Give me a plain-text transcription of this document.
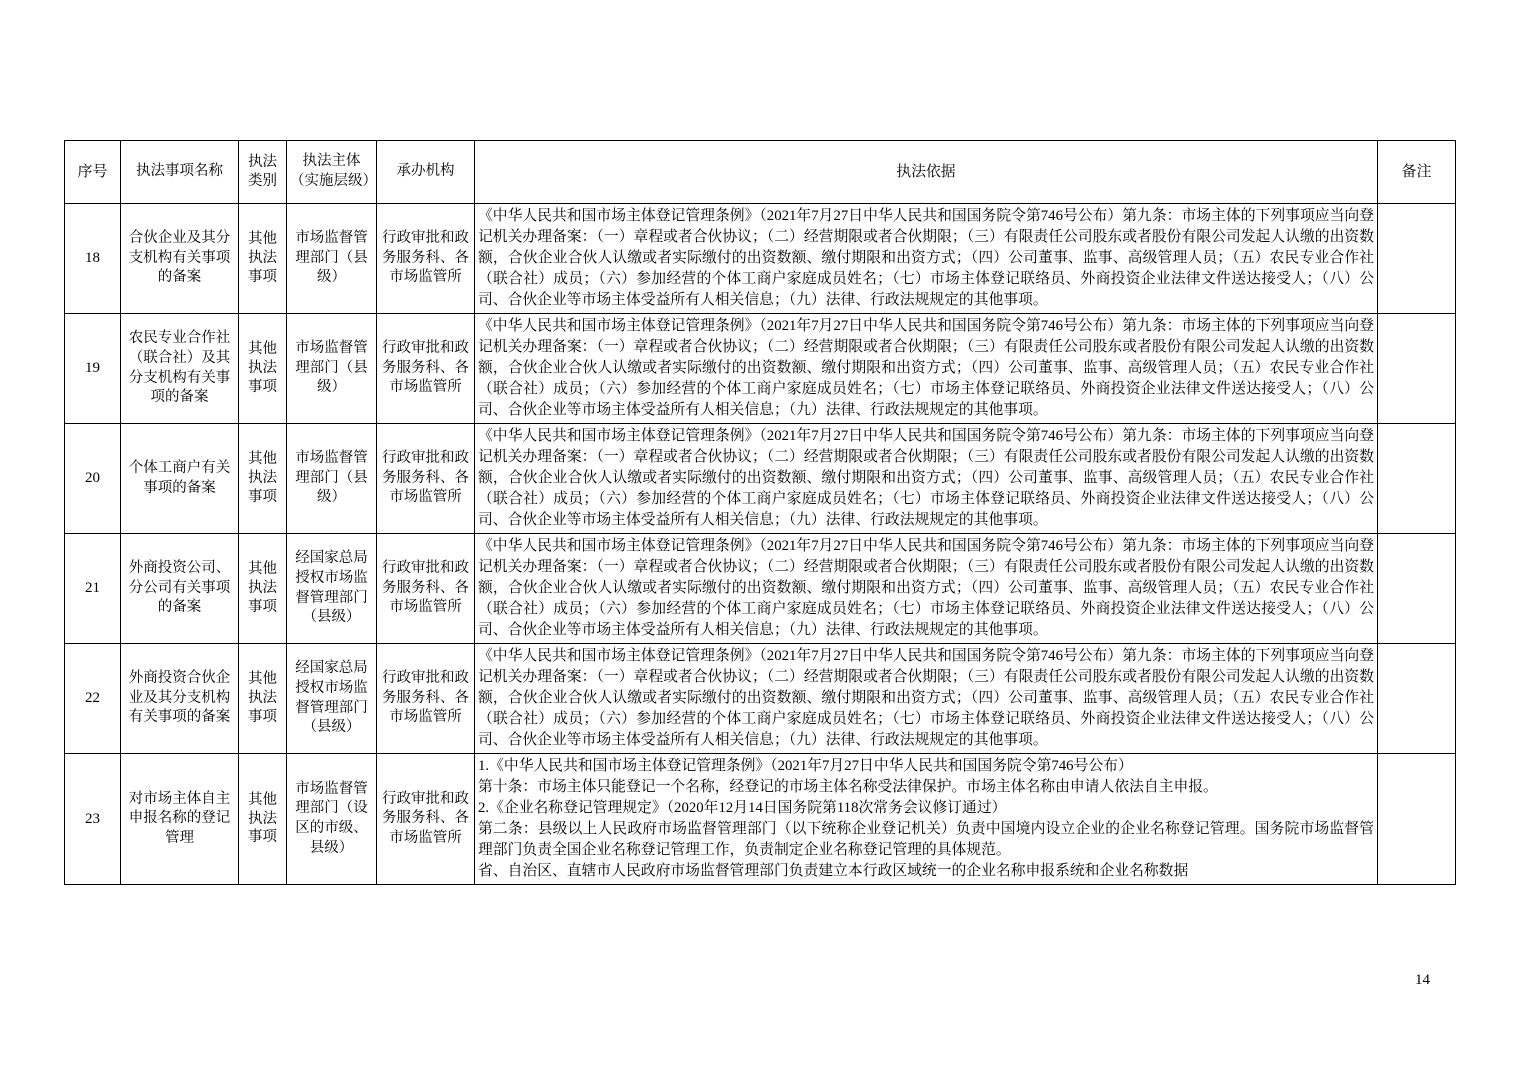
序号	执法事项名称	执法类别	执法主体（实施层级）	承办机构	执法依据	备注
18	合伙企业及其分支机构有关事项的备案	其他执法事项	市场监督管理部门（县级）	行政审批和政务服务科、各市场监管所	《中华人民共和国市场主体登记管理条例》（2021年7月27日中华人民共和国国务院令第746号公布）第九条：市场主体的下列事项应当向登记机关办理备案：（一）章程或者合伙协议；（二）经营期限或者合伙期限；（三）有限责任公司股东或者股份有限公司发起人认缴的出资数额，合伙企业合伙人认缴或者实际缴付的出资数额、缴付期限和出资方式；（四）公司董事、监事、高级管理人员；（五）农民专业合作社（联合社）成员；（六）参加经营的个体工商户家庭成员姓名；（七）市场主体登记联络员、外商投资企业法律文件送达接受人；（八）公司、合伙企业等市场主体受益所有人相关信息；（九）法律、行政法规规定的其他事项。	

19	农民专业合作社（联合社）及其分支机构有关事项的备案	其他执法事项	市场监督管理部门（县级）	行政审批和政务服务科、各市场监管所	《中华人民共和国市场主体登记管理条例》（2021年7月27日中华人民共和国国务院令第746号公布）第九条：市场主体的下列事项应当向登记机关办理备案：（一）章程或者合伙协议；（二）经营期限或者合伙期限；（三）有限责任公司股东或者股份有限公司发起人认缴的出资数额，合伙企业合伙人认缴或者实际缴付的出资数额、缴付期限和出资方式；（四）公司董事、监事、高级管理人员；（五）农民专业合作社（联合社）成员；（六）参加经营的个体工商户家庭成员姓名；（七）市场主体登记联络员、外商投资企业法律文件送达接受人；（八）公司、合伙企业等市场主体受益所有人相关信息；（九）法律、行政法规规定的其他事项。	

20	个体工商户有关事项的备案	其他执法事项	市场监督管理部门（县级）	行政审批和政务服务科、各市场监管所	《中华人民共和国市场主体登记管理条例》（2021年7月27日中华人民共和国国务院令第746号公布）第九条：市场主体的下列事项应当向登记机关办理备案：（一）章程或者合伙协议；（二）经营期限或者合伙期限；（三）有限责任公司股东或者股份有限公司发起人认缴的出资数额，合伙企业合伙人认缴或者实际缴付的出资数额、缴付期限和出资方式；（四）公司董事、监事、高级管理人员；（五）农民专业合作社（联合社）成员；（六）参加经营的个体工商户家庭成员姓名；（七）市场主体登记联络员、外商投资企业法律文件送达接受人；（八）公司、合伙企业等市场主体受益所有人相关信息；（九）法律、行政法规规定的其他事项。	

21	外商投资公司、分公司有关事项的备案	其他执法事项	经国家总局授权市场监督管理部门（县级）	行政审批和政务服务科、各市场监管所	《中华人民共和国市场主体登记管理条例》（2021年7月27日中华人民共和国国务院令第746号公布）第九条：市场主体的下列事项应当向登记机关办理备案：（一）章程或者合伙协议；（二）经营期限或者合伙期限；（三）有限责任公司股东或者股份有限公司发起人认缴的出资数额，合伙企业合伙人认缴或者实际缴付的出资数额、缴付期限和出资方式；（四）公司董事、监事、高级管理人员；（五）农民专业合作社（联合社）成员；（六）参加经营的个体工商户家庭成员姓名；（七）市场主体登记联络员、外商投资企业法律文件送达接受人；（八）公司、合伙企业等市场主体受益所有人相关信息；（九）法律、行政法规规定的其他事项。	

22	外商投资合伙企业及其分支机构有关事项的备案	其他执法事项	经国家总局授权市场监督管理部门（县级）	行政审批和政务服务科、各市场监管所	《中华人民共和国市场主体登记管理条例》（2021年7月27日中华人民共和国国务院令第746号公布）第九条：市场主体的下列事项应当向登记机关办理备案：（一）章程或者合伙协议；（二）经营期限或者合伙期限；（三）有限责任公司股东或者股份有限公司发起人认缴的出资数额，合伙企业合伙人认缴或者实际缴付的出资数额、缴付期限和出资方式；（四）公司董事、监事、高级管理人员；（五）农民专业合作社（联合社）成员；（六）参加经营的个体工商户家庭成员姓名；（七）市场主体登记联络员、外商投资企业法律文件送达接受人；（八）公司、合伙企业等市场主体受益所有人相关信息；（九）法律、行政法规规定的其他事项。	

23	对市场主体自主申报名称的登记管理	其他执法事项	市场监督管理部门（设区的市级、县级）	行政审批和政务服务科、各市场监管所	1.《中华人民共和国市场主体登记管理条例》（2021年7月27日中华人民共和国国务院令第746号公布）

第十条：市场主体只能登记一个名称，经登记的市场主体名称受法律保护。市场主体名称由申请人依法自主申报。

2.《企业名称登记管理规定》（2020年12月14日国务院第118次常务会议修订通过）

第二条：县级以上人民政府市场监督管理部门（以下统称企业登记机关）负责中国境内设立企业的企业名称登记管理。国务院市场监督管理部门负责全国企业名称登记管理工作，负责制定企业名称登记管理的具体规范。

省、自治区、直辖市人民政府市场监督管理部门负责建立本行政区域统一的企业名称申报系统和企业名称数据	

14
